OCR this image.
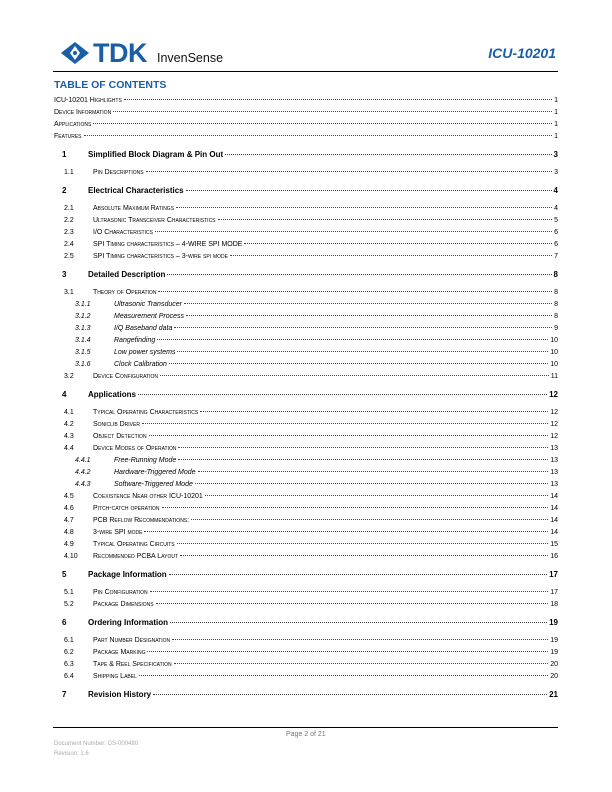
TDK InvenSense	ICU-10201
TABLE OF CONTENTS
ICU-10201 Highlights	1
Device Information	1
Applications	1
Features	1
1	Simplified Block Diagram & Pin Out	3
1.1	Pin Descriptions	3
2	Electrical Characteristics	4
2.1	Absolute Maximum Ratings	4
2.2	Ultrasonic Transceiver Characteristics	5
2.3	I/O Characteristics	6
2.4	SPI Timing characteristics – 4-WIRE SPI MODE	6
2.5	SPI Timing characteristics – 3-wire spi mode	7
3	Detailed Description	8
3.1	Theory of Operation	8
3.1.1	Ultrasonic Transducer	8
3.1.2	Measurement Process	8
3.1.3	I/Q Baseband data	9
3.1.4	Rangefinding	10
3.1.5	Low power systems	10
3.1.6	Clock Calibration	10
3.2	Device Configuration	11
4	Applications	12
4.1	Typical Operating Characteristics	12
4.2	Soniclib Driver	12
4.3	Object Detection	12
4.4	Device Modes of Operation	13
4.4.1	Free-Running Mode	13
4.4.2	Hardware-Triggered Mode	13
4.4.3	Software-Triggered Mode	13
4.5	Coexistence Near other ICU-10201	14
4.6	Pitch-catch operation	14
4.7	PCB Reflow Recommendations:	14
4.8	3-wire SPI mode	14
4.9	Typical Operating Circuits	15
4.10	Recommended PCBA Layout	16
5	Package Information	17
5.1	Pin Configuration	17
5.2	Package Dimensions	18
6	Ordering Information	19
6.1	Part Number Designation	19
6.2	Package Marking	19
6.3	Tape & Reel Specification	20
6.4	Shipping Label	20
7	Revision History	21
Page 2 of 21
Document Number: DS-000480
Revision: 1.6
